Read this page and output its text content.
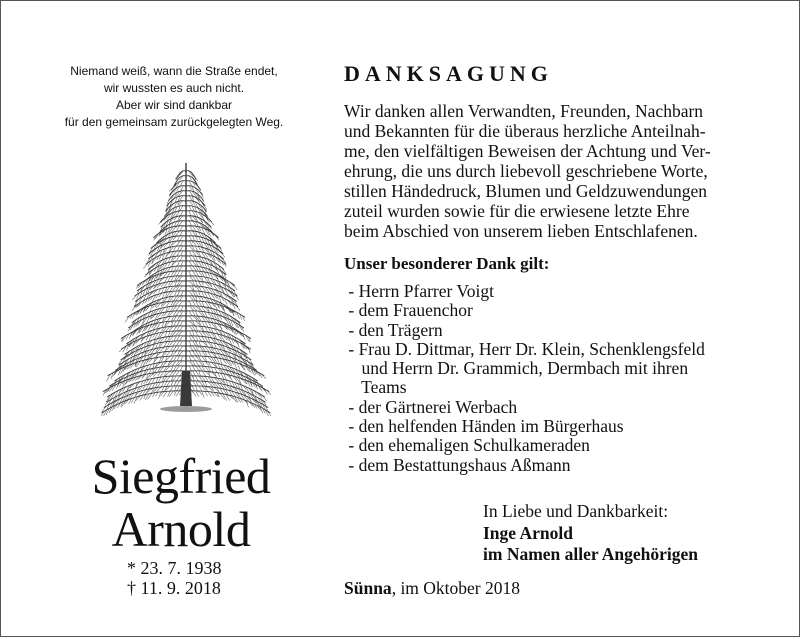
Niemand weiß, wann die Straße endet,
wir wussten es auch nicht.
Aber wir sind dankbar
für den gemeinsam zurückgelegten Weg.
Siegfried
Arnold
* 23. 7. 1938
† 11. 9. 2018
DANKSAGUNG
Wir danken allen Verwandten, Freunden, Nachbarn
und Bekannten für die überaus herzliche Anteilnah-
me, den vielfältigen Beweisen der Achtung und Ver-
ehrung, die uns durch liebevoll geschriebene Worte,
stillen Händedruck, Blumen und Geldzuwendungen
zuteil wurden sowie für die erwiesene letzte Ehre
beim Abschied von unserem lieben Entschlafenen.
Unser besonderer Dank gilt:
- Herrn Pfarrer Voigt
- dem Frauenchor
- den Trägern
- Frau D. Dittmar, Herr Dr. Klein, Schenklengsfeld
und Herrn Dr. Grammich, Dermbach mit ihren
Teams
- der Gärtnerei Werbach
- den helfenden Händen im Bürgerhaus
- den ehemaligen Schulkameraden
- dem Bestattungshaus Aßmann
In Liebe und Dankbarkeit:
Inge Arnold
im Namen aller Angehörigen
Sünna, im Oktober 2018
